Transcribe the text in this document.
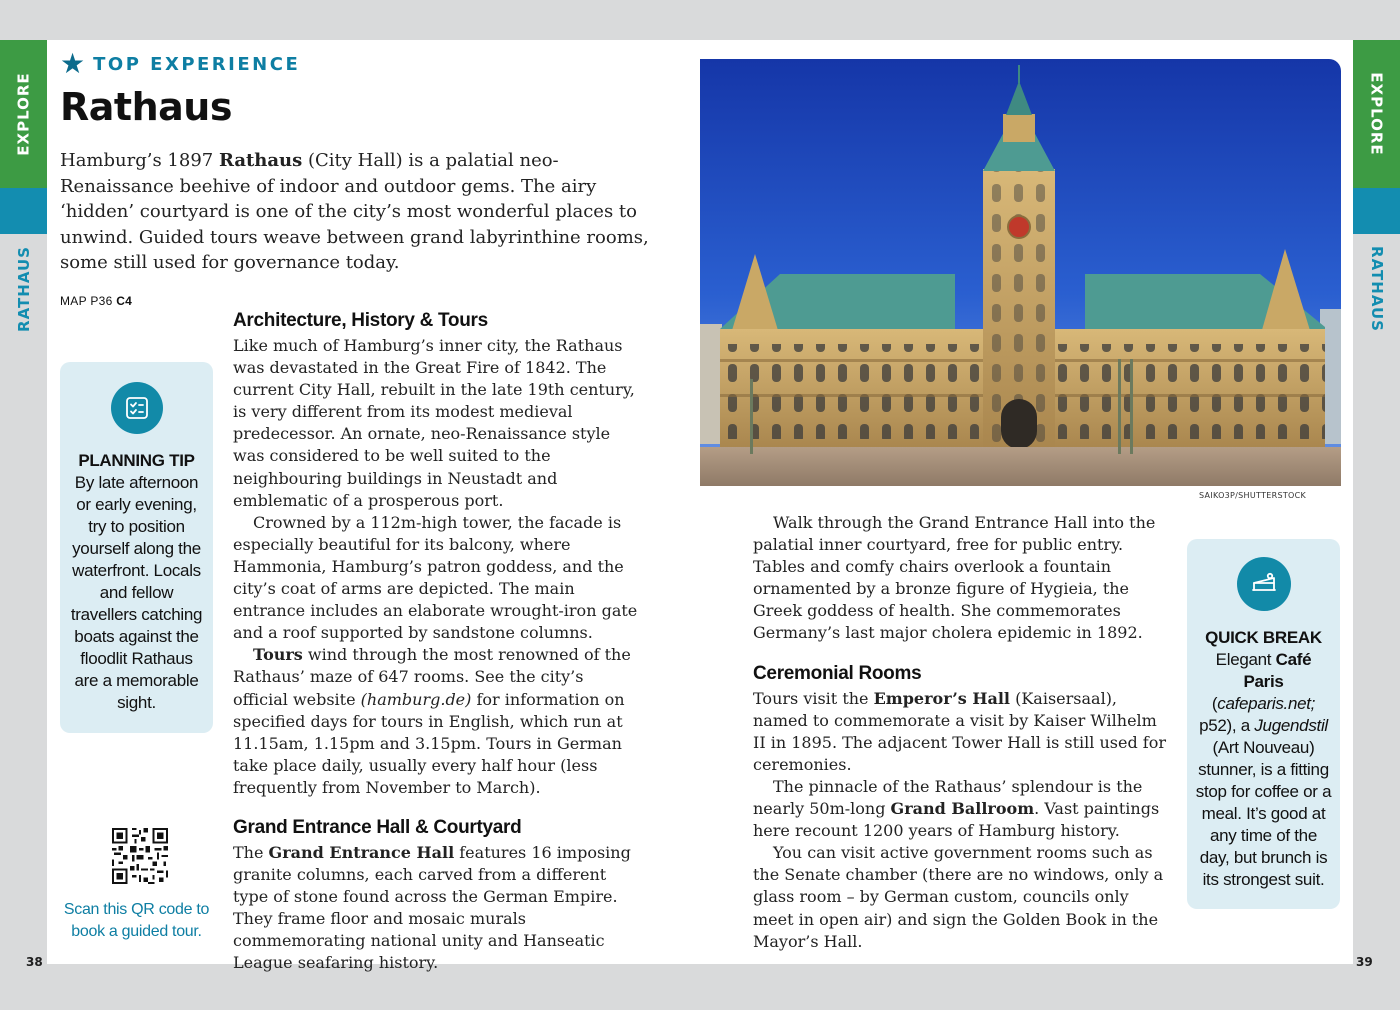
EXPLORE
RATHAUS
EXPLORE
RATHAUS
38	39
★ TOP EXPERIENCE
Rathaus

Hamburg’s 1897 Rathaus (City Hall) is a palatial neo-Renaissance beehive of indoor and outdoor gems. The airy ‘hidden’ courtyard is one of the city’s most wonderful places to unwind. Guided tours weave between grand labyrinthine rooms, some still used for governance today.

MAP P36 C4
PLANNING TIP

By late afternoon or early evening, try to position yourself along the waterfront. Locals and fellow travellers catching boats against the floodlit Rathaus are a memorable sight.

Scan this QR code to book a guided tour.

Architecture, History & Tours

Like much of Hamburg’s inner city, the Rathaus was devastated in the Great Fire of 1842. The current City Hall, rebuilt in the late 19th century, is very different from its modest medieval predecessor. An ornate, neo-Renaissance style was considered to be well suited to the neighbouring buildings in Neustadt and emblematic of a prosperous port.

Crowned by a 112m-high tower, the facade is especially beautiful for its balcony, where Hammonia, Hamburg’s patron goddess, and the city’s coat of arms are depicted. The main entrance includes an elaborate wrought-iron gate and a roof supported by sandstone columns.

Tours wind through the most renowned of the Rathaus’ maze of 647 rooms. See the city’s official website (hamburg.de) for information on specified days for tours in English, which run at 11.15am, 1.15pm and 3.15pm. Tours in German take place daily, usually every half hour (less frequently from November to March).

Grand Entrance Hall & Courtyard

The Grand Entrance Hall features 16 imposing granite columns, each carved from a different type of stone found across the German Empire. They frame floor and mosaic murals commemorating national unity and Hanseatic League seafaring history.

SAIKO3P/SHUTTERSTOCK

Walk through the Grand Entrance Hall into the palatial inner courtyard, free for public entry. Tables and comfy chairs overlook a fountain ornamented by a bronze figure of Hygieia, the Greek goddess of health. She commemorates Germany’s last major cholera epidemic in 1892.

Ceremonial Rooms

Tours visit the Emperor’s Hall (Kaisersaal), named to commemorate a visit by Kaiser Wilhelm II in 1895. The adjacent Tower Hall is still used for ceremonies.

The pinnacle of the Rathaus’ splendour is the nearly 50m-long Grand Ballroom. Vast paintings here recount 1200 years of Hamburg history.

You can visit active government rooms such as the Senate chamber (there are no windows, only a glass room – by German custom, councils only meet in open air) and sign the Golden Book in the Mayor’s Hall.

QUICK BREAK

Elegant Café Paris (cafeparis.net; p52), a Jugendstil (Art Nouveau) stunner, is a fitting stop for coffee or a meal. It’s good at any time of the day, but brunch is its strongest suit.
